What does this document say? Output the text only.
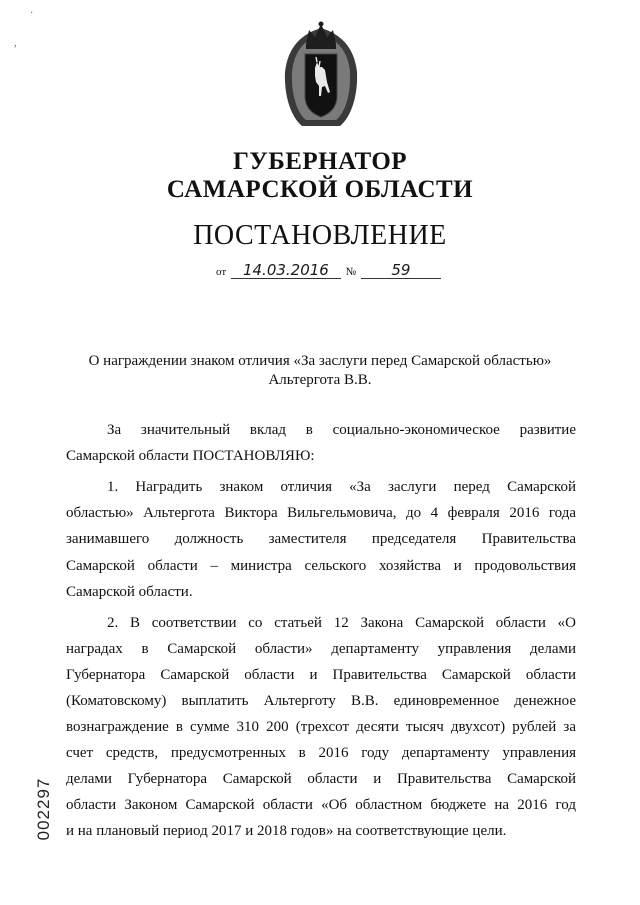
ГУБЕРНАТОР
САМАРСКОЙ ОБЛАСТИ
ПОСТАНОВЛЕНИЕ
от 14.03.2016 № 59
О награждении знаком отличия «За заслуги перед Самарской областью»
Альтергота В.В.
За значительный вклад в социально-экономическое развитие
Самарской области ПОСТАНОВЛЯЮ:
1. Наградить знаком отличия «За заслуги перед Самарской
областью» Альтергота Виктора Вильгельмовича, до 4 февраля 2016 года
занимавшего должность заместителя председателя Правительства
Самарской области – министра сельского хозяйства и продовольствия
Самарской области.
2. В соответствии со статьей 12 Закона Самарской области «О
наградах в Самарской области» департаменту управления делами
Губернатора Самарской области и Правительства Самарской области
(Коматовскому) выплатить Альтерготу В.В. единовременное денежное
вознаграждение в сумме 310 200 (трехсот десяти тысяч двухсот) рублей за
счет средств, предусмотренных в 2016 году департаменту управления
делами Губернатора Самарской области и Правительства Самарской
области Законом Самарской области «Об областном бюджете на 2016 год
и на плановый период 2017 и 2018 годов» на соответствующие цели.
002297
·
,
